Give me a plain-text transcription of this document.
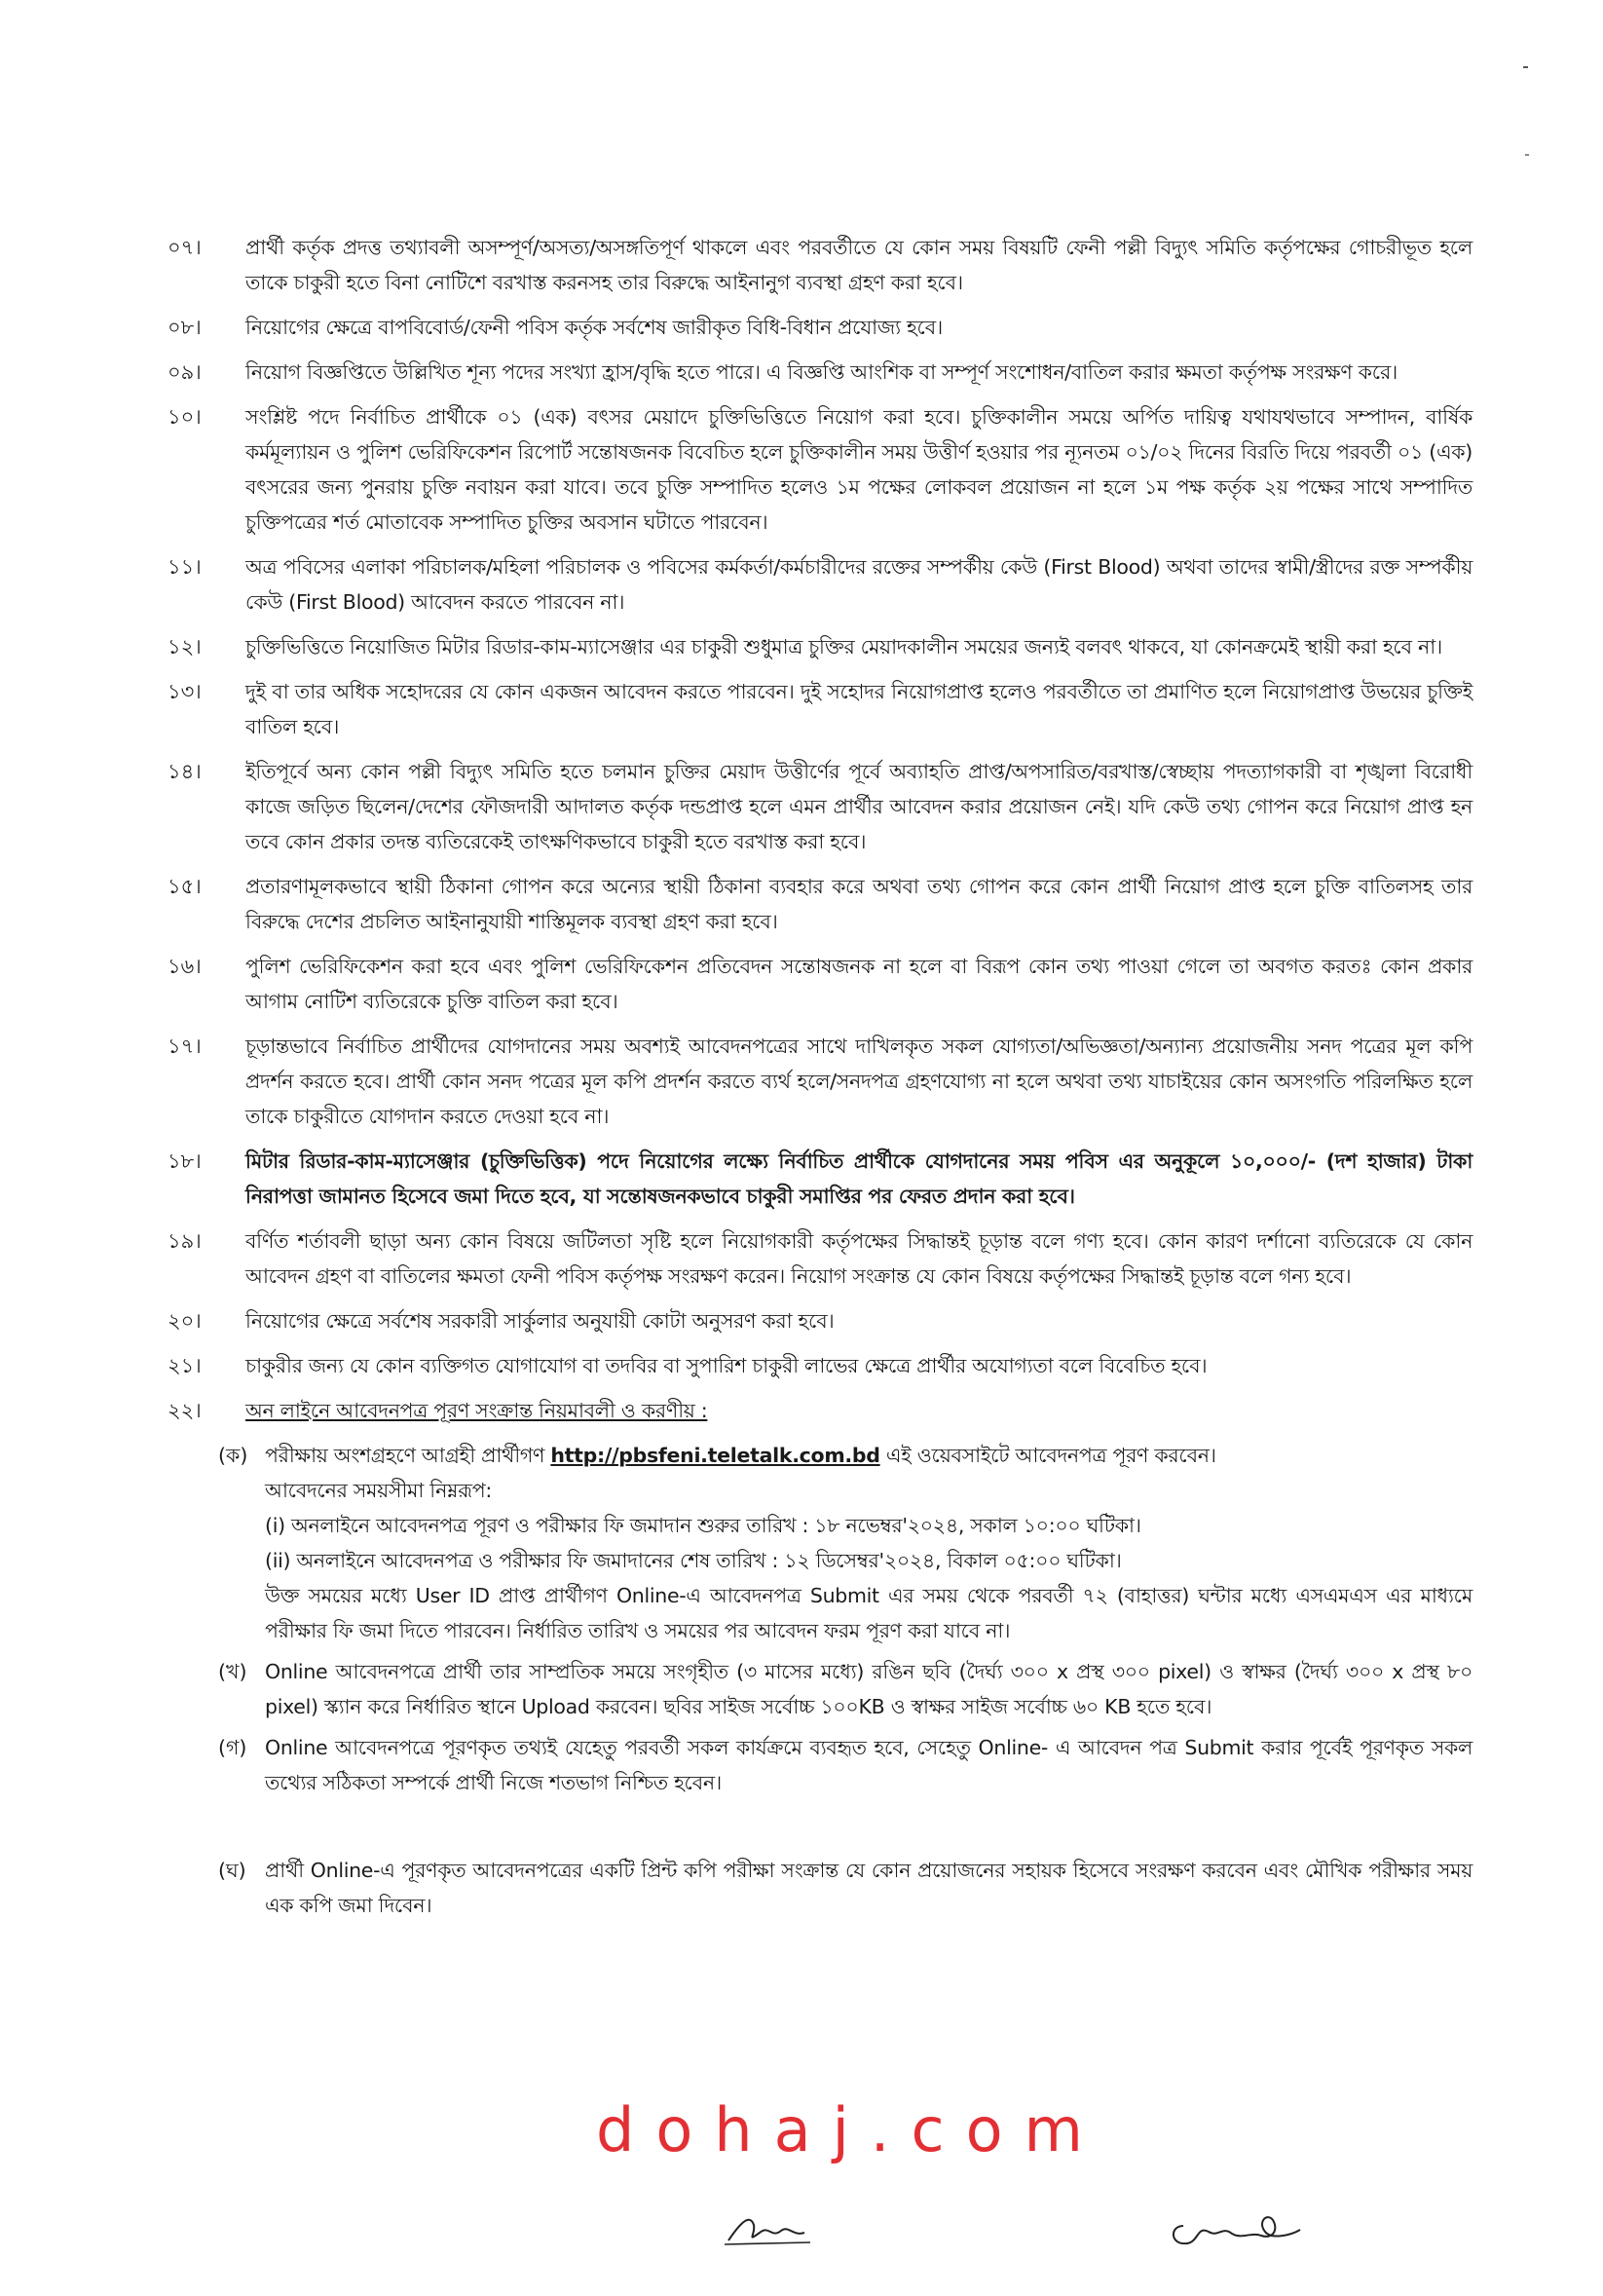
০৭।	প্রার্থী কর্তৃক প্রদত্ত তথ্যাবলী অসম্পূর্ণ/অসত্য/অসঙ্গতিপূর্ণ থাকলে এবং পরবর্তীতে যে কোন সময় বিষয়টি ফেনী পল্লী বিদ্যুৎ সমিতি কর্তৃপক্ষের গোচরীভূত হলে তাকে চাকুরী হতে বিনা নোটিশে বরখাস্ত করনসহ তার বিরুদ্ধে আইনানুগ ব্যবস্থা গ্রহণ করা হবে।
০৮।	নিয়োগের ক্ষেত্রে বাপবিবোর্ড/ফেনী পবিস কর্তৃক সর্বশেষ জারীকৃত বিধি-বিধান প্রযোজ্য হবে।
০৯।	নিয়োগ বিজ্ঞপ্তিতে উল্লিখিত শূন্য পদের সংখ্যা হ্রাস/বৃদ্ধি হতে পারে। এ বিজ্ঞপ্তি আংশিক বা সম্পূর্ণ সংশোধন/বাতিল করার ক্ষমতা কর্তৃপক্ষ সংরক্ষণ করে।
১০।	সংশ্লিষ্ট পদে নির্বাচিত প্রার্থীকে ০১ (এক) বৎসর মেয়াদে চুক্তিভিত্তিতে নিয়োগ করা হবে। চুক্তিকালীন সময়ে অর্পিত দায়িত্ব যথাযথভাবে সম্পাদন, বার্ষিক কর্মমূল্যায়ন ও পুলিশ ভেরিফিকেশন রিপোর্ট সন্তোষজনক বিবেচিত হলে চুক্তিকালীন সময় উত্তীর্ণ হওয়ার পর ন্যূনতম ০১/০২ দিনের বিরতি দিয়ে পরবর্তী ০১ (এক) বৎসরের জন্য পুনরায় চুক্তি নবায়ন করা যাবে। তবে চুক্তি সম্পাদিত হলেও ১ম পক্ষের লোকবল প্রয়োজন না হলে ১ম পক্ষ কর্তৃক ২য় পক্ষের সাথে সম্পাদিত চুক্তিপত্রের শর্ত মোতাবেক সম্পাদিত চুক্তির অবসান ঘটাতে পারবেন।
১১।	অত্র পবিসের এলাকা পরিচালক/মহিলা পরিচালক ও পবিসের কর্মকর্তা/কর্মচারীদের রক্তের সম্পর্কীয় কেউ (First Blood) অথবা তাদের স্বামী/স্ত্রীদের রক্ত সম্পর্কীয় কেউ (First Blood) আবেদন করতে পারবেন না।
১২।	চুক্তিভিত্তিতে নিয়োজিত মিটার রিডার-কাম-ম্যাসেঞ্জার এর চাকুরী শুধুমাত্র চুক্তির মেয়াদকালীন সময়ের জন্যই বলবৎ থাকবে, যা কোনক্রমেই স্থায়ী করা হবে না।
১৩।	দুই বা তার অধিক সহোদরের যে কোন একজন আবেদন করতে পারবেন। দুই সহোদর নিয়োগপ্রাপ্ত হলেও পরবর্তীতে তা প্রমাণিত হলে নিয়োগপ্রাপ্ত উভয়ের চুক্তিই বাতিল হবে।
১৪।	ইতিপূর্বে অন্য কোন পল্লী বিদ্যুৎ সমিতি হতে চলমান চুক্তির মেয়াদ উত্তীর্ণের পূর্বে অব্যাহতি প্রাপ্ত/অপসারিত/বরখাস্ত/স্বেচ্ছায় পদত্যাগকারী বা শৃঙ্খলা বিরোধী কাজে জড়িত ছিলেন/দেশের ফৌজদারী আদালত কর্তৃক দন্ডপ্রাপ্ত হলে এমন প্রার্থীর আবেদন করার প্রয়োজন নেই। যদি কেউ তথ্য গোপন করে নিয়োগ প্রাপ্ত হন তবে কোন প্রকার তদন্ত ব্যতিরেকেই তাৎক্ষণিকভাবে চাকুরী হতে বরখাস্ত করা হবে।
১৫।	প্রতারণামূলকভাবে স্থায়ী ঠিকানা গোপন করে অন্যের স্থায়ী ঠিকানা ব্যবহার করে অথবা তথ্য গোপন করে কোন প্রার্থী নিয়োগ প্রাপ্ত হলে চুক্তি বাতিলসহ তার বিরুদ্ধে দেশের প্রচলিত আইনানুযায়ী শাস্তিমূলক ব্যবস্থা গ্রহণ করা হবে।
১৬।	পুলিশ ভেরিফিকেশন করা হবে এবং পুলিশ ভেরিফিকেশন প্রতিবেদন সন্তোষজনক না হলে বা বিরূপ কোন তথ্য পাওয়া গেলে তা অবগত করতঃ কোন প্রকার আগাম নোটিশ ব্যতিরেকে চুক্তি বাতিল করা হবে।
১৭।	চূড়ান্তভাবে নির্বাচিত প্রার্থীদের যোগদানের সময় অবশ্যই আবেদনপত্রের সাথে দাখিলকৃত সকল যোগ্যতা/অভিজ্ঞতা/অন্যান্য প্রয়োজনীয় সনদ পত্রের মূল কপি প্রদর্শন করতে হবে। প্রার্থী কোন সনদ পত্রের মূল কপি প্রদর্শন করতে ব্যর্থ হলে/সনদপত্র গ্রহণযোগ্য না হলে অথবা তথ্য যাচাইয়ের কোন অসংগতি পরিলক্ষিত হলে তাকে চাকুরীতে যোগদান করতে দেওয়া হবে না।
১৮।	মিটার রিডার-কাম-ম্যাসেঞ্জার (চুক্তিভিত্তিক) পদে নিয়োগের লক্ষ্যে নির্বাচিত প্রার্থীকে যোগদানের সময় পবিস এর অনুকূলে ১০,০০০/- (দশ হাজার) টাকা নিরাপত্তা জামানত হিসেবে জমা দিতে হবে, যা সন্তোষজনকভাবে চাকুরী সমাপ্তির পর ফেরত প্রদান করা হবে।
১৯।	বর্ণিত শর্তাবলী ছাড়া অন্য কোন বিষয়ে জটিলতা সৃষ্টি হলে নিয়োগকারী কর্তৃপক্ষের সিদ্ধান্তই চূড়ান্ত বলে গণ্য হবে। কোন কারণ দর্শানো ব্যতিরেকে যে কোন আবেদন গ্রহণ বা বাতিলের ক্ষমতা ফেনী পবিস কর্তৃপক্ষ সংরক্ষণ করেন। নিয়োগ সংক্রান্ত যে কোন বিষয়ে কর্তৃপক্ষের সিদ্ধান্তই চূড়ান্ত বলে গন্য হবে।
২০।	নিয়োগের ক্ষেত্রে সর্বশেষ সরকারী সার্কুলার অনুযায়ী কোটা অনুসরণ করা হবে।
২১।	চাকুরীর জন্য যে কোন ব্যক্তিগত যোগাযোগ বা তদবির বা সুপারিশ চাকুরী লাভের ক্ষেত্রে প্রার্থীর অযোগ্যতা বলে বিবেচিত হবে।
২২।	অন লাইনে আবেদনপত্র পূরণ সংক্রান্ত নিয়মাবলী ও করণীয় :
(ক) পরীক্ষায় অংশগ্রহণে আগ্রহী প্রার্থীগণ http://pbsfeni.teletalk.com.bd এই ওয়েবসাইটে আবেদনপত্র পূরণ করবেন।
আবেদনের সময়সীমা নিম্নরূপ:
(i) অনলাইনে আবেদনপত্র পূরণ ও পরীক্ষার ফি জমাদান শুরুর তারিখ : ১৮ নভেম্বর'২০২৪, সকাল ১০:০০ ঘটিকা।
(ii) অনলাইনে আবেদনপত্র ও পরীক্ষার ফি জমাদানের শেষ তারিখ : ১২ ডিসেম্বর'২০২৪, বিকাল ০৫:০০ ঘটিকা।
উক্ত সময়ের মধ্যে User ID প্রাপ্ত প্রার্থীগণ Online-এ আবেদনপত্র Submit এর সময় থেকে পরবর্তী ৭২ (বাহাত্তর) ঘন্টার মধ্যে এসএমএস এর মাধ্যমে পরীক্ষার ফি জমা দিতে পারবেন। নির্ধারিত তারিখ ও সময়ের পর আবেদন ফরম পূরণ করা যাবে না।
(খ) Online আবেদনপত্রে প্রার্থী তার সাম্প্রতিক সময়ে সংগৃহীত (৩ মাসের মধ্যে) রঙিন ছবি (দৈর্ঘ্য ৩০০ x প্রস্থ ৩০০ pixel) ও স্বাক্ষর (দৈর্ঘ্য ৩০০ x প্রস্থ ৮০ pixel) স্ক্যান করে নির্ধারিত স্থানে Upload করবেন। ছবির সাইজ সর্বোচ্চ ১০০KB ও স্বাক্ষর সাইজ সর্বোচ্চ ৬০ KB হতে হবে।
(গ) Online আবেদনপত্রে পূরণকৃত তথ্যই যেহেতু পরবর্তী সকল কার্যক্রমে ব্যবহৃত হবে, সেহেতু Online- এ আবেদন পত্র Submit করার পূর্বেই পূরণকৃত সকল তথ্যের সঠিকতা সম্পর্কে প্রার্থী নিজে শতভাগ নিশ্চিত হবেন।
(ঘ) প্রার্থী Online-এ পূরণকৃত আবেদনপত্রের একটি প্রিন্ট কপি পরীক্ষা সংক্রান্ত যে কোন প্রয়োজনের সহায়ক হিসেবে সংরক্ষণ করবেন এবং মৌখিক পরীক্ষার সময় এক কপি জমা দিবেন।
dohaj.com
